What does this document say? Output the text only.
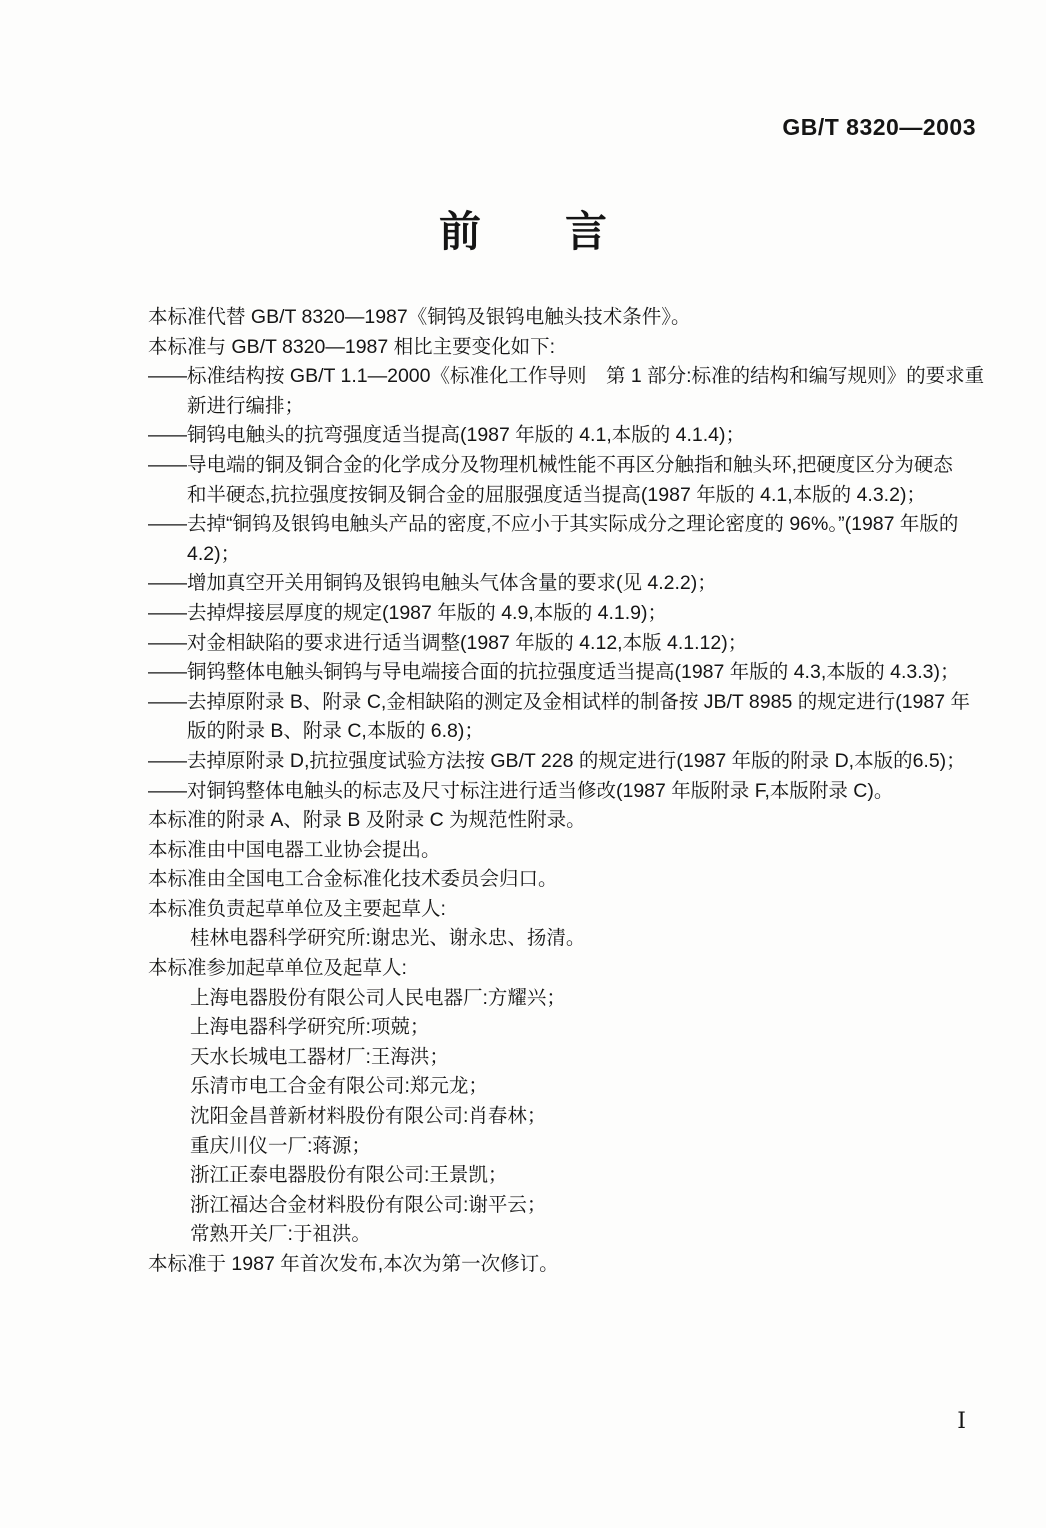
GB/T 8320—2003
前　　言
本标准代替 GB/T 8320—1987《铜钨及银钨电触头技术条件》。
本标准与 GB/T 8320—1987 相比主要变化如下:
——标准结构按 GB/T 1.1—2000《标准化工作导则　第 1 部分:标准的结构和编写规则》的要求重
新进行编排；
——铜钨电触头的抗弯强度适当提高(1987 年版的 4.1,本版的 4.1.4)；
——导电端的铜及铜合金的化学成分及物理机械性能不再区分触指和触头环,把硬度区分为硬态
和半硬态,抗拉强度按铜及铜合金的屈服强度适当提高(1987 年版的 4.1,本版的 4.3.2)；
——去掉“铜钨及银钨电触头产品的密度,不应小于其实际成分之理论密度的 96%。”(1987 年版的
4.2)；
——增加真空开关用铜钨及银钨电触头气体含量的要求(见 4.2.2)；
——去掉焊接层厚度的规定(1987 年版的 4.9,本版的 4.1.9)；
——对金相缺陷的要求进行适当调整(1987 年版的 4.12,本版 4.1.12)；
——铜钨整体电触头铜钨与导电端接合面的抗拉强度适当提高(1987 年版的 4.3,本版的 4.3.3)；
——去掉原附录 B、附录 C,金相缺陷的测定及金相试样的制备按 JB/T 8985 的规定进行(1987 年
版的附录 B、附录 C,本版的 6.8)；
——去掉原附录 D,抗拉强度试验方法按 GB/T 228 的规定进行(1987 年版的附录 D,本版的6.5)；
——对铜钨整体电触头的标志及尺寸标注进行适当修改(1987 年版附录 F,本版附录 C)。
本标准的附录 A、附录 B 及附录 C 为规范性附录。
本标准由中国电器工业协会提出。
本标准由全国电工合金标准化技术委员会归口。
本标准负责起草单位及主要起草人:
桂林电器科学研究所:谢忠光、谢永忠、扬清。
本标准参加起草单位及起草人:
上海电器股份有限公司人民电器厂:方耀兴；
上海电器科学研究所:项兢；
天水长城电工器材厂:王海洪；
乐清市电工合金有限公司:郑元龙；
沈阳金昌普新材料股份有限公司:肖春林；
重庆川仪一厂:蒋源；
浙江正泰电器股份有限公司:王景凯；
浙江福达合金材料股份有限公司:谢平云；
常熟开关厂:于祖洪。
本标准于 1987 年首次发布,本次为第一次修订。
Ⅰ
